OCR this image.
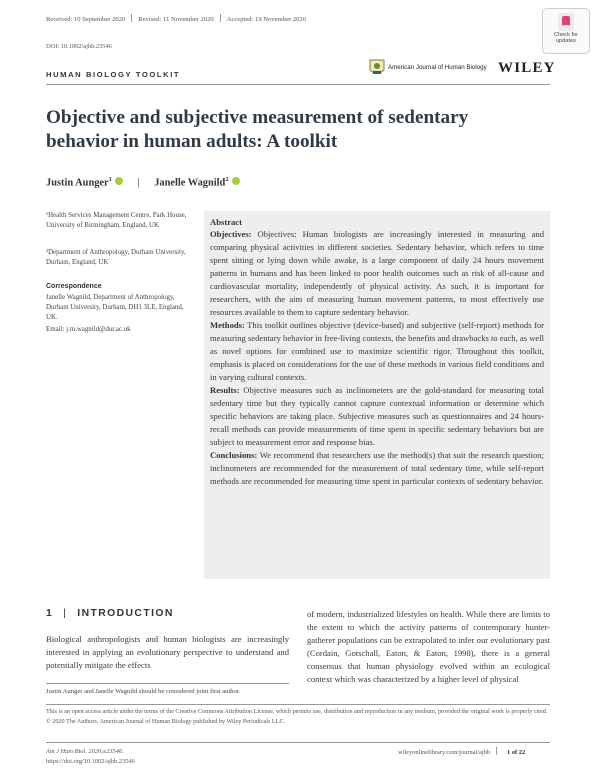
Received: 10 September 2020 Revised: 11 November 2020 Accepted: 19 November 2020
DOI: 10.1002/ajhb.23546
Check for
updates
HUMAN BIOLOGY TOOLKIT
American Journal of Human Biology WILEY
Objective and subjective measurement of sedentary behavior in human adults: A toolkit
Justin Aunger$^1$ | Janelle Wagnild$^2$
¹Health Services Management Centre, Park House, University of Birmingham, England, UK
²Department of Anthropology, Durham University, Durham, England, UK
Correspondence
Janelle Wagnild, Department of Anthropology, Durham University, Durham, DH1 3LE, England, UK.
Email: j.m.wagnild@dur.ac.uk
Abstract

Objectives: Objectives: Human biologists are increasingly interested in measuring and comparing physical activities in different societies. Sedentary behavior, which refers to time spent sitting or lying down while awake, is a large component of daily 24 hours movement patterns in humans and has been linked to poor health outcomes such as risk of all-cause and cardiovascular mortality, independently of physical activity. As such, it is important for researchers, with the aim of measuring human movement patterns, to most effectively use resources available to them to capture sedentary behavior.

Methods: This toolkit outlines objective (device-based) and subjective (self-report) methods for measuring sedentary behavior in free-living contexts, the benefits and drawbacks to each, as well as novel options for combined use to maximize scientific rigor. Throughout this toolkit, emphasis is placed on considerations for the use of these methods in various field conditions and in varying cultural contexts.

Results: Objective measures such as inclinometers are the gold-standard for measuring total sedentary time but they typically cannot capture contextual information or determine which specific behaviors are taking place. Subjective measures such as questionnaires and 24 hours-recall methods can provide measurements of time spent in specific sedentary behaviors but are subject to measurement error and response bias.

Conclusions: We recommend that researchers use the method(s) that suit the research question; inclinometers are recommended for the measurement of total sedentary time, while self-report methods are recommended for measuring time spent in particular contexts of sedentary behavior.

1 | INTRODUCTION

Biological anthropologists and human biologists are increasingly interested in applying an evolutionary perspective to understand and potentially mitigate the effects

of modern, industrialized lifestyles on health. While there are limits to the extent to which the activity patterns of contemporary hunter-gatherer populations can be extrapolated to infer our evolutionary past (Cordain, Gotschall, Eaton, & Eaton, 1998), there is a general consensus that human physiology evolved within an ecological context which was characterized by a higher level of physical

Justin Aunger and Janelle Wagnild should be considered joint first author.
This is an open access article under the terms of the Creative Commons Attribution License, which permits use, distribution and reproduction in any medium, provided the original work is properly cited.
© 2020 The Authors. American Journal of Human Biology published by Wiley Periodicals LLC.
Am J Hum Biol. 2020;e23546.
https://doi.org/10.1002/ajhb.23546
wileyonlinelibrary.com/journal/ajhb	1 of 22
